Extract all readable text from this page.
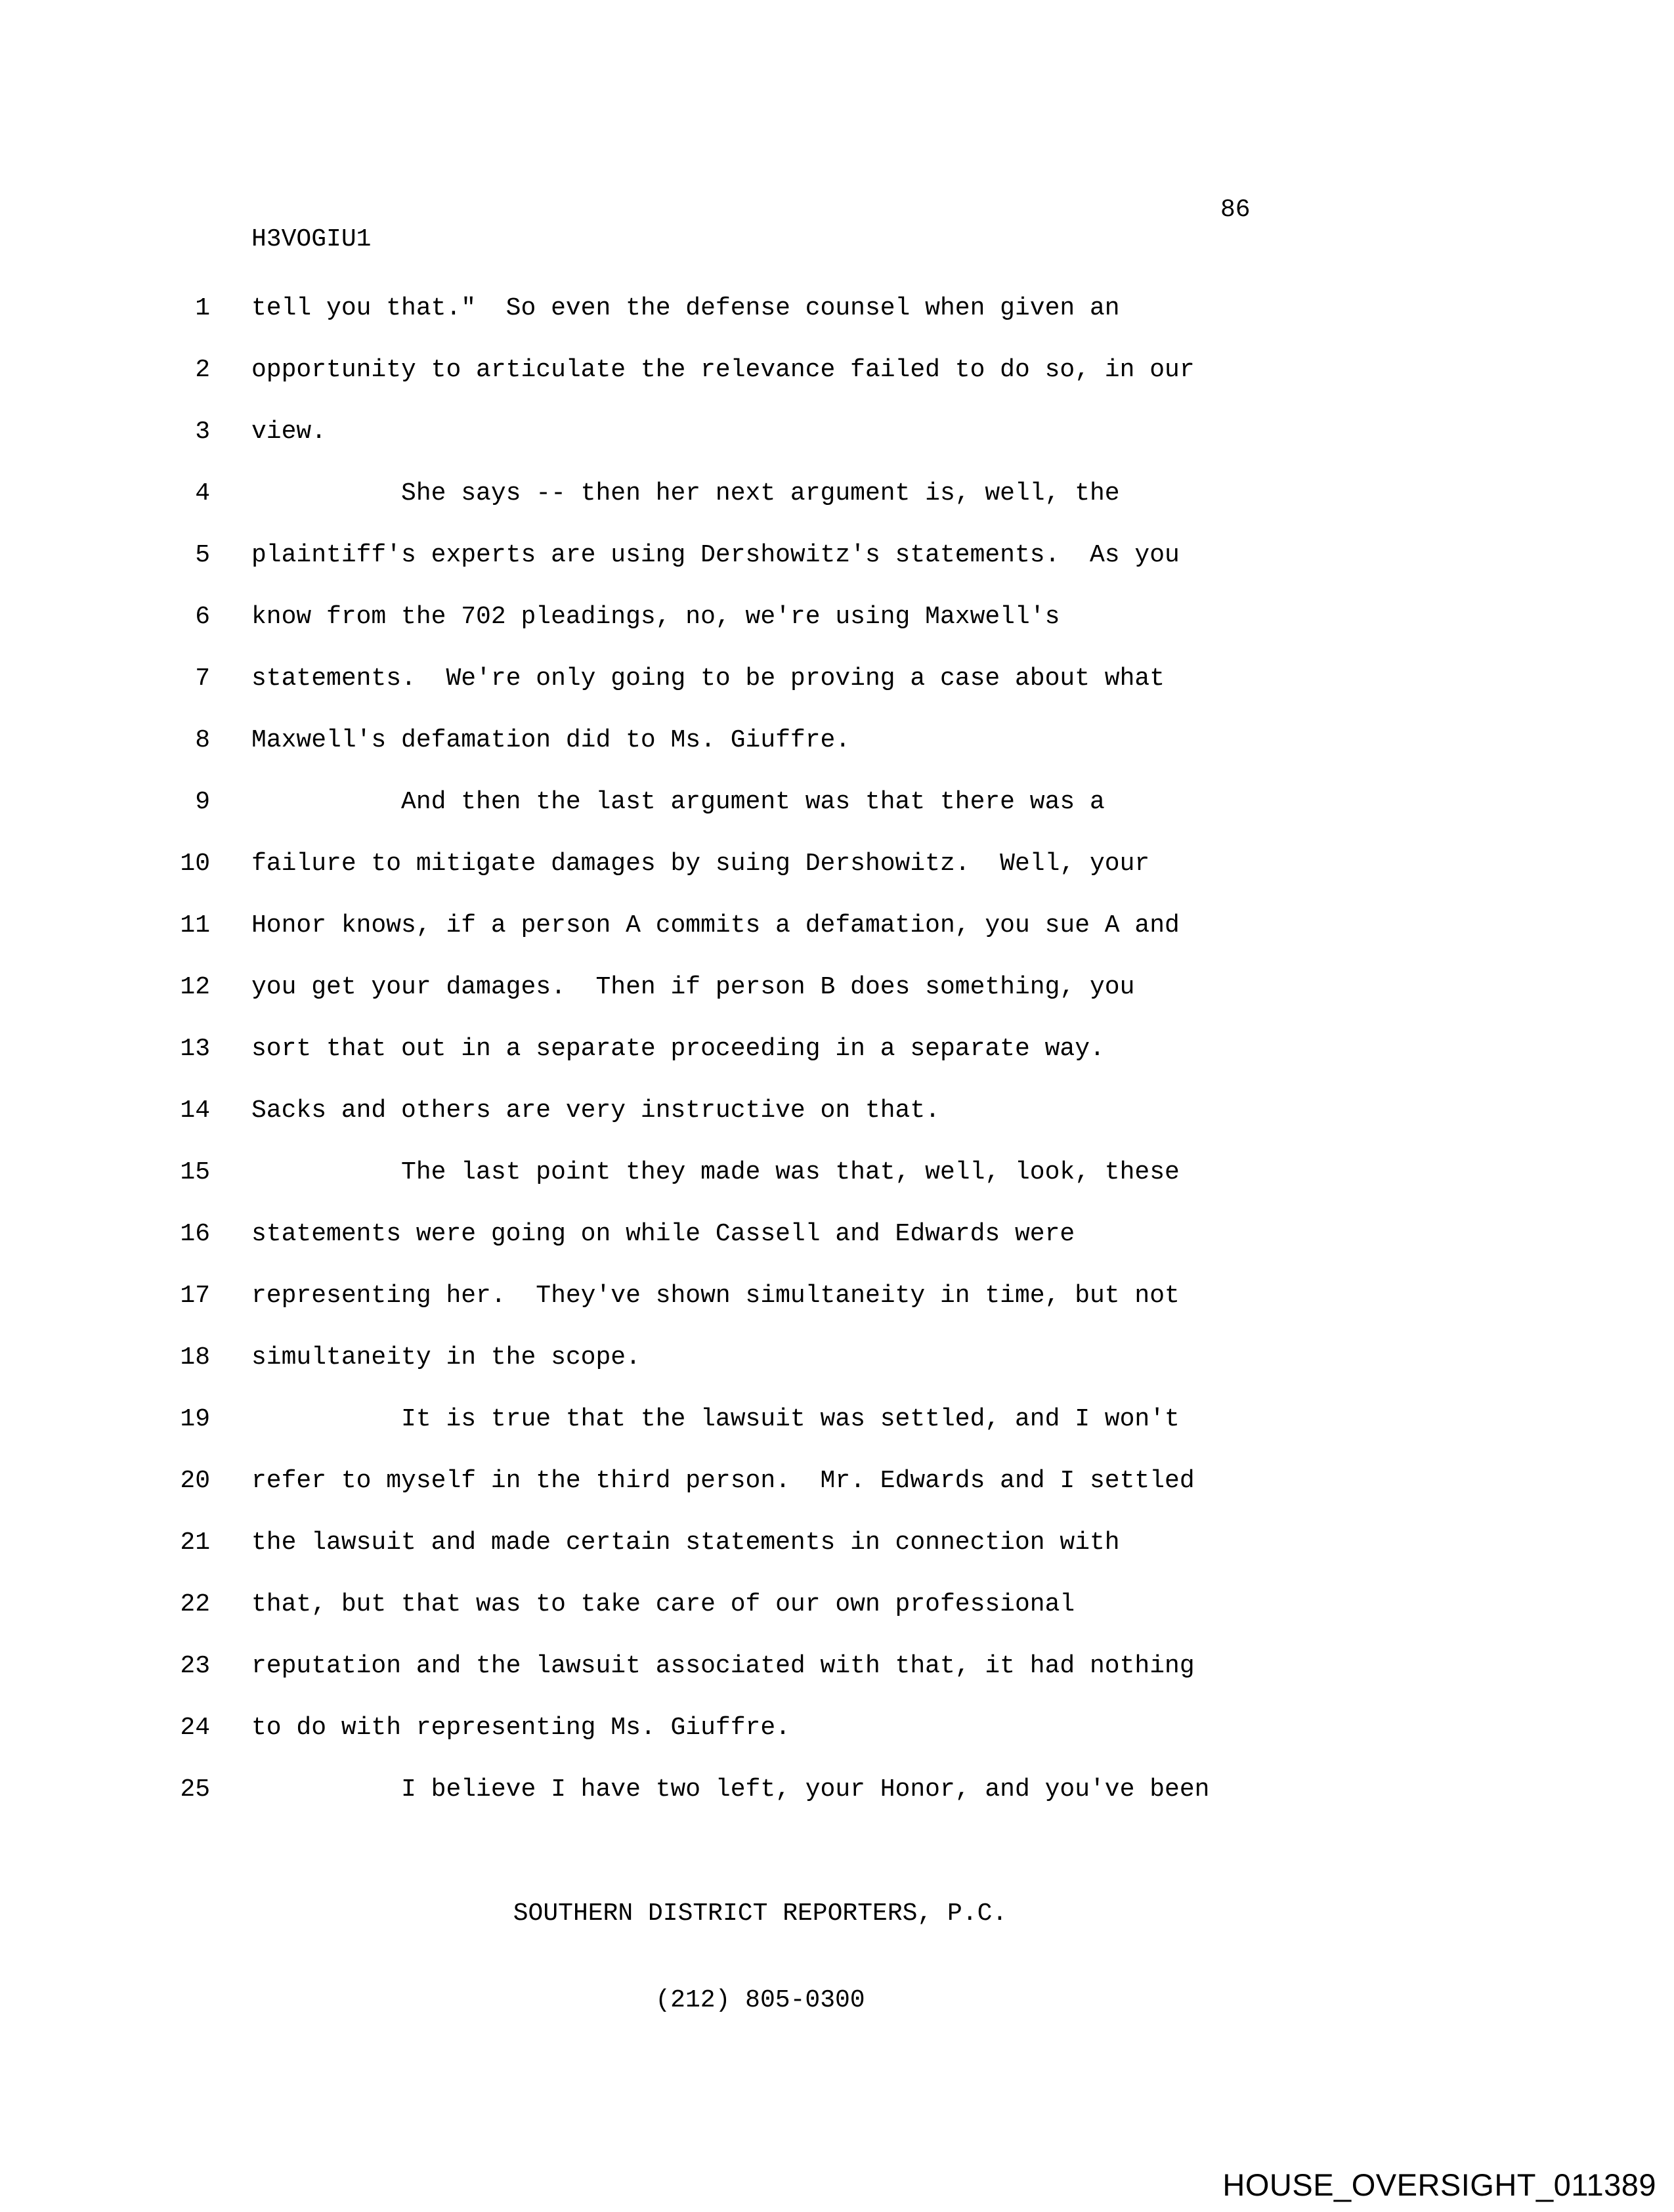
86
H3VOGIU1
1 tell you that."  So even the defense counsel when given an
2 opportunity to articulate the relevance failed to do so, in our
3 view.
4          She says -- then her next argument is, well, the
5 plaintiff's experts are using Dershowitz's statements.  As you
6 know from the 702 pleadings, no, we're using Maxwell's
7 statements.  We're only going to be proving a case about what
8 Maxwell's defamation did to Ms. Giuffre.
9          And then the last argument was that there was a
10 failure to mitigate damages by suing Dershowitz.  Well, your
11 Honor knows, if a person A commits a defamation, you sue A and
12 you get your damages.  Then if person B does something, you
13 sort that out in a separate proceeding in a separate way.
14 Sacks and others are very instructive on that.
15          The last point they made was that, well, look, these
16 statements were going on while Cassell and Edwards were
17 representing her.  They've shown simultaneity in time, but not
18 simultaneity in the scope.
19          It is true that the lawsuit was settled, and I won't
20 refer to myself in the third person.  Mr. Edwards and I settled
21 the lawsuit and made certain statements in connection with
22 that, but that was to take care of our own professional
23 reputation and the lawsuit associated with that, it had nothing
24 to do with representing Ms. Giuffre.
25          I believe I have two left, your Honor, and you've been

SOUTHERN DISTRICT REPORTERS, P.C.

(212) 805-0300

HOUSE_OVERSIGHT_011389
